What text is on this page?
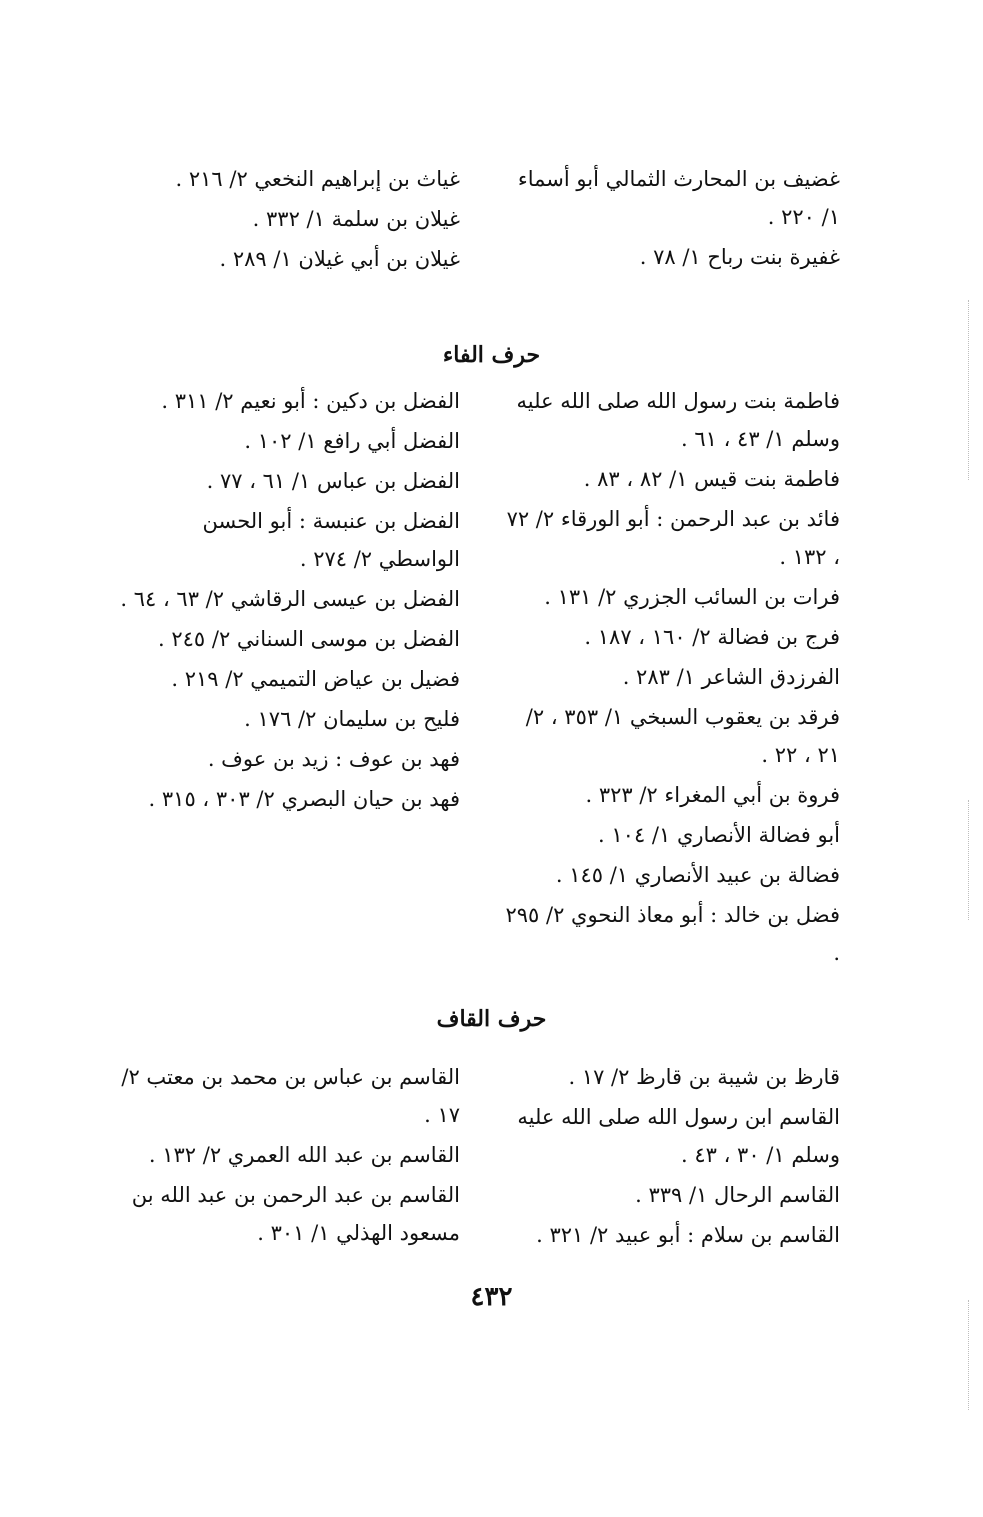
غضيف بن المحارث الثمالي أبو أسماء ١/ ٢٢٠ .
غفيرة بنت رباح ١/ ٧٨ .
غياث بن إبراهيم النخعي ٢/ ٢١٦ .
غيلان بن سلمة ١/ ٣٣٢ .
غيلان بن أبي غيلان ١/ ٢٨٩ .
حرف الفاء
فاطمة بنت رسول الله صلى الله عليه وسلم ١/ ٤٣ ، ٦١ .
فاطمة بنت قيس ١/ ٨٢ ، ٨٣ .
فائد بن عبد الرحمن : أبو الورقاء ٢/ ٧٢ ، ١٣٢ .
فرات بن السائب الجزري ٢/ ١٣١ .
فرج بن فضالة ٢/ ١٦٠ ، ١٨٧ .
الفرزدق الشاعر ١/ ٢٨٣ .
فرقد بن يعقوب السبخي ١/ ٣٥٣ ، ٢/ ٢١ ، ٢٢ .
فروة بن أبي المغراء ٢/ ٣٢٣ .
أبو فضالة الأنصاري ١/ ١٠٤ .
فضالة بن عبيد الأنصاري ١/ ١٤٥ .
فضل بن خالد : أبو معاذ النحوي ٢/ ٢٩٥ .
الفضل بن دكين : أبو نعيم ٢/ ٣١١ .
الفضل أبي رافع ١/ ١٠٢ .
الفضل بن عباس ١/ ٦١ ، ٧٧ .
الفضل بن عنبسة : أبو الحسن الواسطي ٢/ ٢٧٤ .
الفضل بن عيسى الرقاشي ٢/ ٦٣ ، ٦٤ .
الفضل بن موسى السناني ٢/ ٢٤٥ .
فضيل بن عياض التميمي ٢/ ٢١٩ .
فليح بن سليمان ٢/ ١٧٦ .
فهد بن عوف : زيد بن عوف .
فهد بن حيان البصري ٢/ ٣٠٣ ، ٣١٥ .
حرف القاف
قارظ بن شيبة بن قارظ ٢/ ١٧ .
القاسم ابن رسول الله صلى الله عليه وسلم ١/ ٣٠ ، ٤٣ .
القاسم الرحال ١/ ٣٣٩ .
القاسم بن سلام : أبو عبيد ٢/ ٣٢١ .
القاسم بن عباس بن محمد بن معتب ٢/ ١٧ .
القاسم بن عبد الله العمري ٢/ ١٣٢ .
القاسم بن عبد الرحمن بن عبد الله بن مسعود الهذلي ١/ ٣٠١ .
٤٣٢
